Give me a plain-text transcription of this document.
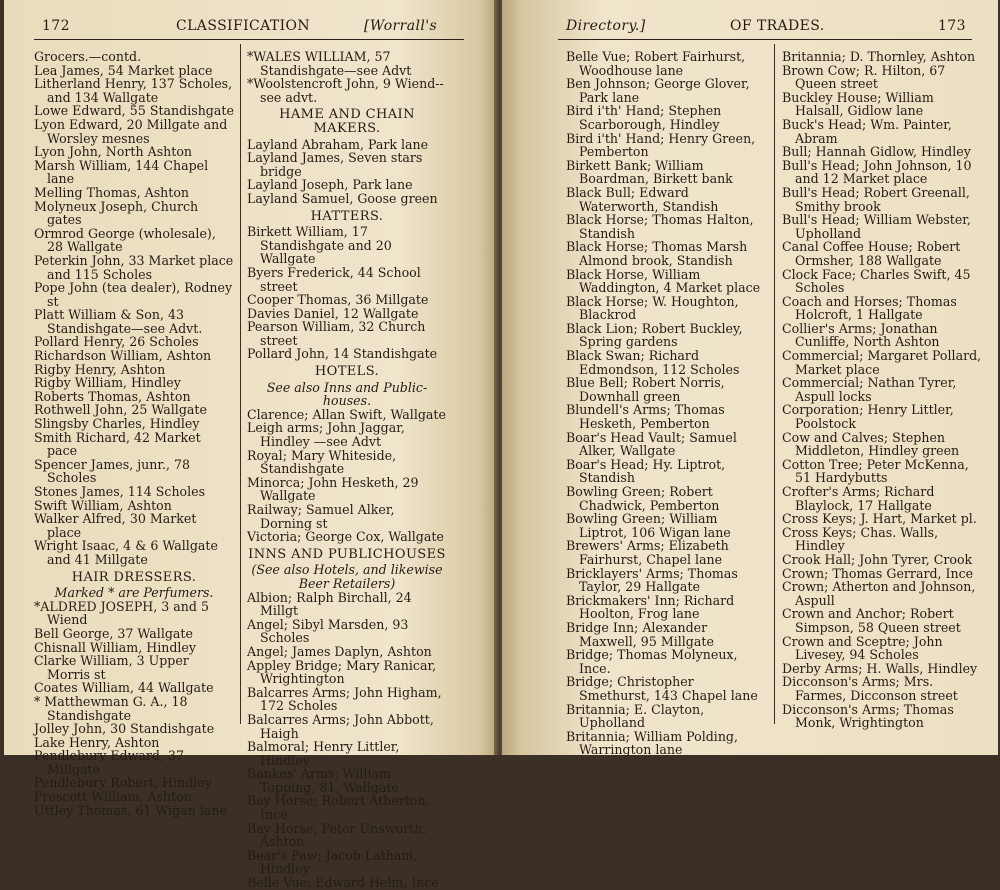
172	CLASSIFICATION	[Worrall's
Grocers.—contd.
Lea James, 54 Market place
Litherland Henry, 137 Scholes, and 134 Wallgate
Lowe Edward, 55 Standishgate
Lyon Edward, 20 Millgate and Worsley mesnes
Lyon John, North Ashton
Marsh William, 144 Chapel lane
Melling Thomas, Ashton
Molyneux Joseph, Church gates
Ormrod George (wholesale), 28 Wallgate
Peterkin John, 33 Market place and 115 Scholes
Pope John (tea dealer), Rodney st
Platt William & Son, 43 Standishgate—see Advt.
Pollard Henry, 26 Scholes
Richardson William, Ashton
Rigby Henry, Ashton
Rigby William, Hindley
Roberts Thomas, Ashton
Rothwell John, 25 Wallgate
Slingsby Charles, Hindley
Smith Richard, 42 Market pace
Spencer James, junr., 78 Scholes
Stones James, 114 Scholes
Swift William, Ashton
Walker Alfred, 30 Market place
Wright Isaac, 4 & 6 Wallgate and 41 Millgate
HAIR DRESSERS.
Marked * are Perfumers.
*ALDRED JOSEPH, 3 and 5 Wiend
Bell George, 37 Wallgate
Chisnall William, Hindley
Clarke William, 3 Upper Morris st
Coates William, 44 Wallgate
* Matthewman G. A., 18 Standishgate
Jolley John, 30 Standishgate
Lake Henry, Ashton
Pendlebury Edward, 37 Millgate
Pendlebury Robert, Hindley
Prescott William, Ashton
Uttley Thomas, 61 Wigan lane
*WALES WILLIAM, 57 Standishgate—see Advt
*Woolstencroft John, 9 Wiend--see advt.
HAME AND CHAIN MAKERS.
Layland Abraham, Park lane
Layland James, Seven stars bridge
Layland Joseph, Park lane
Layland Samuel, Goose green
HATTERS.
Birkett William, 17 Standishgate and 20 Wallgate
Byers Frederick, 44 School street
Cooper Thomas, 36 Millgate
Davies Daniel, 12 Wallgate
Pearson William, 32 Church street
Pollard John, 14 Standishgate
HOTELS.
See also Inns and Public-houses.
Clarence; Allan Swift, Wallgate
Leigh arms; John Jaggar, Hindley —see Advt
Royal; Mary Whiteside, Standishgate
Minorca; John Hesketh, 29 Wallgate
Railway; Samuel Alker, Dorning st
Victoria; George Cox, Wallgate
INNS AND PUBLICHOUSES
(See also Hotels, and likewise Beer Retailers)
Albion; Ralph Birchall, 24 Millgt
Angel; Sibyl Marsden, 93 Scholes
Angel; James Daplyn, Ashton
Appley Bridge; Mary Ranicar, Wrightington
Balcarres Arms; John Higham, 172 Scholes
Balcarres Arms; John Abbott, Haigh
Balmoral; Henry Littler, Hindley
Bankes' Arms; William Topping, 81, Wallgate
Bay Horse; Robert Atherton, Ince
Bay Horse; Peter Unsworth, Ashton
Bear's Paw; Jacob Latham, Hindley
Belle Vue; Edward Helm, Ince
Directory.]	OF TRADES.	173
Belle Vue; Robert Fairhurst, Woodhouse lane
Ben Johnson; George Glover, Park lane
Bird i'th' Hand; Stephen Scarborough, Hindley
Bird i'th' Hand; Henry Green, Pemberton
Birkett Bank; William Boardman, Birkett bank
Black Bull; Edward Waterworth, Standish
Black Horse; Thomas Halton, Standish
Black Horse; Thomas Marsh Almond brook, Standish
Black Horse, William Waddington, 4 Market place
Black Horse; W. Houghton, Blackrod
Black Lion; Robert Buckley, Spring gardens
Black Swan; Richard Edmondson, 112 Scholes
Blue Bell; Robert Norris, Downhall green
Blundell's Arms; Thomas Hesketh, Pemberton
Boar's Head Vault; Samuel Alker, Wallgate
Boar's Head; Hy. Liptrot, Standish
Bowling Green; Robert Chadwick, Pemberton
Bowling Green; William Liptrot, 106 Wigan lane
Brewers' Arms; Elizabeth Fairhurst, Chapel lane
Bricklayers' Arms; Thomas Taylor, 29 Hallgate
Brickmakers' Inn; Richard Hoolton, Frog lane
Bridge Inn; Alexander Maxwell, 95 Millgate
Bridge; Thomas Molyneux, Ince.
Bridge; Christopher Smethurst, 143 Chapel lane
Britannia; E. Clayton, Upholland
Britannia; William Polding, Warrington lane
Britannia; D. Thornley, Ashton
Brown Cow; R. Hilton, 67 Queen street
Buckley House; William Halsall, Gidlow lane
Buck's Head; Wm. Painter, Abram
Bull; Hannah Gidlow, Hindley
Bull's Head; John Johnson, 10 and 12 Market place
Bull's Head; Robert Greenall, Smithy brook
Bull's Head; William Webster, Upholland
Canal Coffee House; Robert Ormsher, 188 Wallgate
Clock Face; Charles Swift, 45 Scholes
Coach and Horses; Thomas Holcroft, 1 Hallgate
Collier's Arms; Jonathan Cunliffe, North Ashton
Commercial; Margaret Pollard, Market place
Commercial; Nathan Tyrer, Aspull locks
Corporation; Henry Littler, Poolstock
Cow and Calves; Stephen Middleton, Hindley green
Cotton Tree; Peter McKenna, 51 Hardybutts
Crofter's Arms; Richard Blaylock, 17 Hallgate
Cross Keys; J. Hart, Market pl.
Cross Keys; Chas. Walls, Hindley
Crook Hall; John Tyrer, Crook
Crown; Thomas Gerrard, Ince
Crown; Atherton and Johnson, Aspull
Crown and Anchor; Robert Simpson, 58 Queen street
Crown and Sceptre; John Livesey, 94 Scholes
Derby Arms; H. Walls, Hindley
Dicconson's Arms; Mrs. Farmes, Dicconson street
Dicconson's Arms; Thomas Monk, Wrightington
